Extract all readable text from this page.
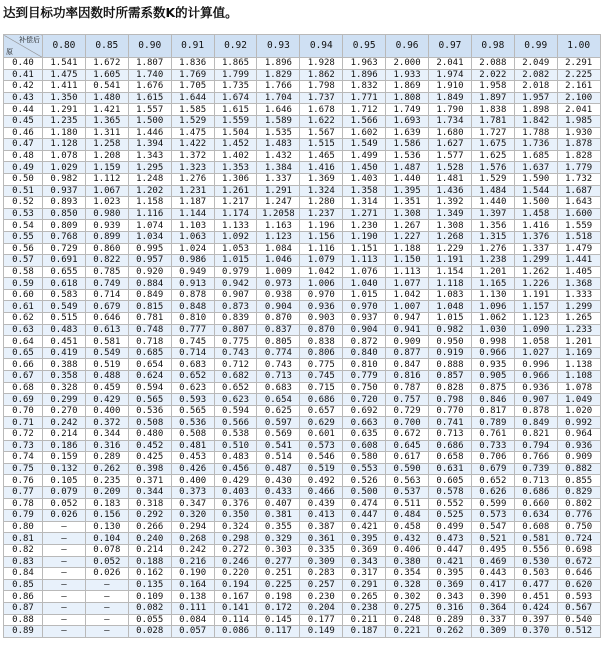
达到目标功率因数时所需系数K的计算值。
补偿后
原	0.80	0.85	0.90	0.91	0.92	0.93	0.94	0.95	0.96	0.97	0.98	0.99	1.00
0.40	1.541	1.672	1.807	1.836	1.865	1.896	1.928	1.963	2.000	2.041	2.088	2.049	2.291
0.41	1.475	1.605	1.740	1.769	1.799	1.829	1.862	1.896	1.933	1.974	2.022	2.082	2.225
0.42	1.411	0.541	1.676	1.705	1.735	1.766	1.798	1.832	1.869	1.910	1.958	2.018	2.161
0.43	1.350	1.480	1.615	1.644	1.674	1.704	1.737	1.771	1.808	1.849	1.897	1.957	2.100
0.44	1.291	1.421	1.557	1.585	1.615	1.646	1.678	1.712	1.749	1.790	1.838	1.898	2.041
0.45	1.235	1.365	1.500	1.529	1.559	1.589	1.622	1.566	1.693	1.734	1.781	1.842	1.985
0.46	1.180	1.311	1.446	1.475	1.504	1.535	1.567	1.602	1.639	1.680	1.727	1.788	1.930
0.47	1.128	1.258	1.394	1.422	1.452	1.483	1.515	1.549	1.586	1.627	1.675	1.736	1.878
0.48	1.078	1.208	1.343	1.372	1.402	1.432	1.465	1.499	1.536	1.577	1.625	1.685	1.828
0.49	1.029	1.159	1.295	1.323	1.353	1.384	1.416	1.450	1.487	1.528	1.576	1.637	1.779
0.50	0.982	1.112	1.248	1.276	1.306	1.337	1.369	1.403	1.440	1.481	1.529	1.590	1.732
0.51	0.937	1.067	1.202	1.231	1.261	1.291	1.324	1.358	1.395	1.436	1.484	1.544	1.687
0.52	0.893	1.023	1.158	1.187	1.217	1.247	1.280	1.314	1.351	1.392	1.440	1.500	1.643
0.53	0.850	0.980	1.116	1.144	1.174	1.2058	1.237	1.271	1.308	1.349	1.397	1.458	1.600
0.54	0.809	0.939	1.074	1.103	1.133	1.163	1.196	1.230	1.267	1.308	1.356	1.416	1.559
0.55	0.768	0.899	1.034	1.063	1.092	1.123	1.156	1.190	1.227	1.268	1.315	1.376	1.518
0.56	0.729	0.860	0.995	1.024	1.053	1.084	1.116	1.151	1.188	1.229	1.276	1.337	1.479
0.57	0.691	0.822	0.957	0.986	1.015	1.046	1.079	1.113	1.150	1.191	1.238	1.299	1.441
0.58	0.655	0.785	0.920	0.949	0.979	1.009	1.042	1.076	1.113	1.154	1.201	1.262	1.405
0.59	0.618	0.749	0.884	0.913	0.942	0.973	1.006	1.040	1.077	1.118	1.165	1.226	1.368
0.60	0.583	0.714	0.849	0.878	0.907	0.938	0.970	1.015	1.042	1.083	1.130	1.191	1.333
0.61	0.549	0.679	0.815	0.848	0.873	0.904	0.936	0.970	1.007	1.048	1.096	1.157	1.299
0.62	0.515	0.646	0.781	0.810	0.839	0.870	0.903	0.937	0.947	1.015	1.062	1.123	1.265
0.63	0.483	0.613	0.748	0.777	0.807	0.837	0.870	0.904	0.941	0.982	1.030	1.090	1.233
0.64	0.451	0.581	0.718	0.745	0.775	0.805	0.838	0.872	0.909	0.950	0.998	1.058	1.201
0.65	0.419	0.549	0.685	0.714	0.743	0.774	0.806	0.840	0.877	0.919	0.966	1.027	1.169
0.66	0.388	0.519	0.654	0.683	0.712	0.743	0.775	0.810	0.847	0.888	0.935	0.996	1.138
0.67	0.358	0.488	0.624	0.652	0.682	0.713	0.745	0.779	0.816	0.857	0.905	0.966	1.108
0.68	0.328	0.459	0.594	0.623	0.652	0.683	0.715	0.750	0.787	0.828	0.875	0.936	1.078
0.69	0.299	0.429	0.565	0.593	0.623	0.654	0.686	0.720	0.757	0.798	0.846	0.907	1.049
0.70	0.270	0.400	0.536	0.565	0.594	0.625	0.657	0.692	0.729	0.770	0.817	0.878	1.020
0.71	0.242	0.372	0.508	0.536	0.566	0.597	0.629	0.663	0.700	0.741	0.789	0.849	0.992
0.72	0.214	0.344	0.480	0.508	0.538	0.569	0.601	0.635	0.672	0.713	0.761	0.821	0.964
0.73	0.186	0.316	0.452	0.481	0.510	0.541	0.573	0.608	0.645	0.686	0.733	0.794	0.936
0.74	0.159	0.289	0.425	0.453	0.483	0.514	0.546	0.580	0.617	0.658	0.706	0.766	0.909
0.75	0.132	0.262	0.398	0.426	0.456	0.487	0.519	0.553	0.590	0.631	0.679	0.739	0.882
0.76	0.105	0.235	0.371	0.400	0.429	0.430	0.492	0.526	0.563	0.605	0.652	0.713	0.855
0.77	0.079	0.209	0.344	0.373	0.403	0.433	0.466	0.500	0.537	0.578	0.626	0.686	0.829
0.78	0.052	0.183	0.318	0.347	0.376	0.407	0.439	0.474	0.511	0.552	0.599	0.660	0.802
0.79	0.026	0.156	0.292	0.320	0.350	0.381	0.413	0.447	0.484	0.525	0.573	0.634	0.776
0.80	–	0.130	0.266	0.294	0.324	0.355	0.387	0.421	0.458	0.499	0.547	0.608	0.750
0.81	–	0.104	0.240	0.268	0.298	0.329	0.361	0.395	0.432	0.473	0.521	0.581	0.724
0.82	–	0.078	0.214	0.242	0.272	0.303	0.335	0.369	0.406	0.447	0.495	0.556	0.698
0.83	–	0.052	0.188	0.216	0.246	0.277	0.309	0.343	0.380	0.421	0.469	0.530	0.672
0.84	–	0.026	0.162	0.190	0.220	0.251	0.283	0.317	0.354	0.395	0.443	0.503	0.646
0.85	–	–	0.135	0.164	0.194	0.225	0.257	0.291	0.328	0.369	0.417	0.477	0.620
0.86	–	–	0.109	0.138	0.167	0.198	0.230	0.265	0.302	0.343	0.390	0.451	0.593
0.87	–	–	0.082	0.111	0.141	0.172	0.204	0.238	0.275	0.316	0.364	0.424	0.567
0.88	–	–	0.055	0.084	0.114	0.145	0.177	0.211	0.248	0.289	0.337	0.397	0.540
0.89	–	–	0.028	0.057	0.086	0.117	0.149	0.187	0.221	0.262	0.309	0.370	0.512
